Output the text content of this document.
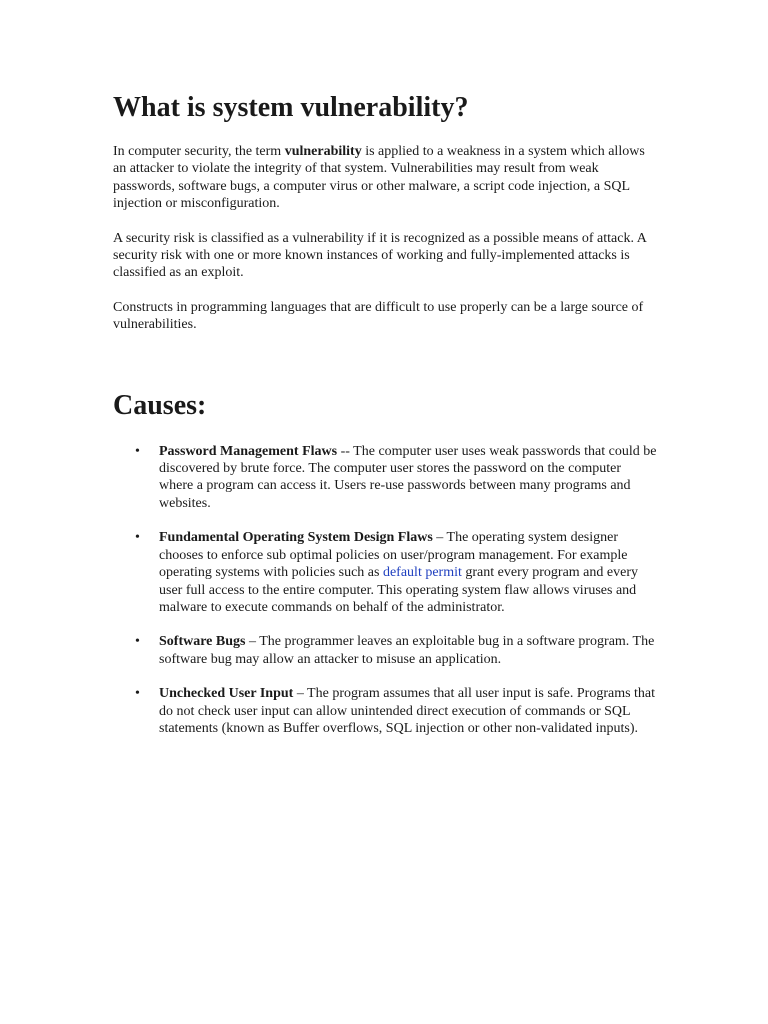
What is system vulnerability?

In computer security, the term vulnerability is applied to a weakness in a system which allows an attacker to violate the integrity of that system. Vulnerabilities may result from weak passwords, software bugs, a computer virus or other malware, a script code injection, a SQL injection or misconfiguration.

A security risk is classified as a vulnerability if it is recognized as a possible means of attack. A security risk with one or more known instances of working and fully-implemented attacks is classified as an exploit.

Constructs in programming languages that are difficult to use properly can be a large source of vulnerabilities.

Causes:
• Password Management Flaws -- The computer user uses weak passwords that could be discovered by brute force. The computer user stores the password on the computer where a program can access it. Users re-use passwords between many programs and websites.
• Fundamental Operating System Design Flaws – The operating system designer chooses to enforce sub optimal policies on user/program management. For example operating systems with policies such as default permit grant every program and every user full access to the entire computer. This operating system flaw allows viruses and malware to execute commands on behalf of the administrator.
• Software Bugs – The programmer leaves an exploitable bug in a software program. The software bug may allow an attacker to misuse an application.
• Unchecked User Input – The program assumes that all user input is safe. Programs that do not check user input can allow unintended direct execution of commands or SQL statements (known as Buffer overflows, SQL injection or other non-validated inputs).
